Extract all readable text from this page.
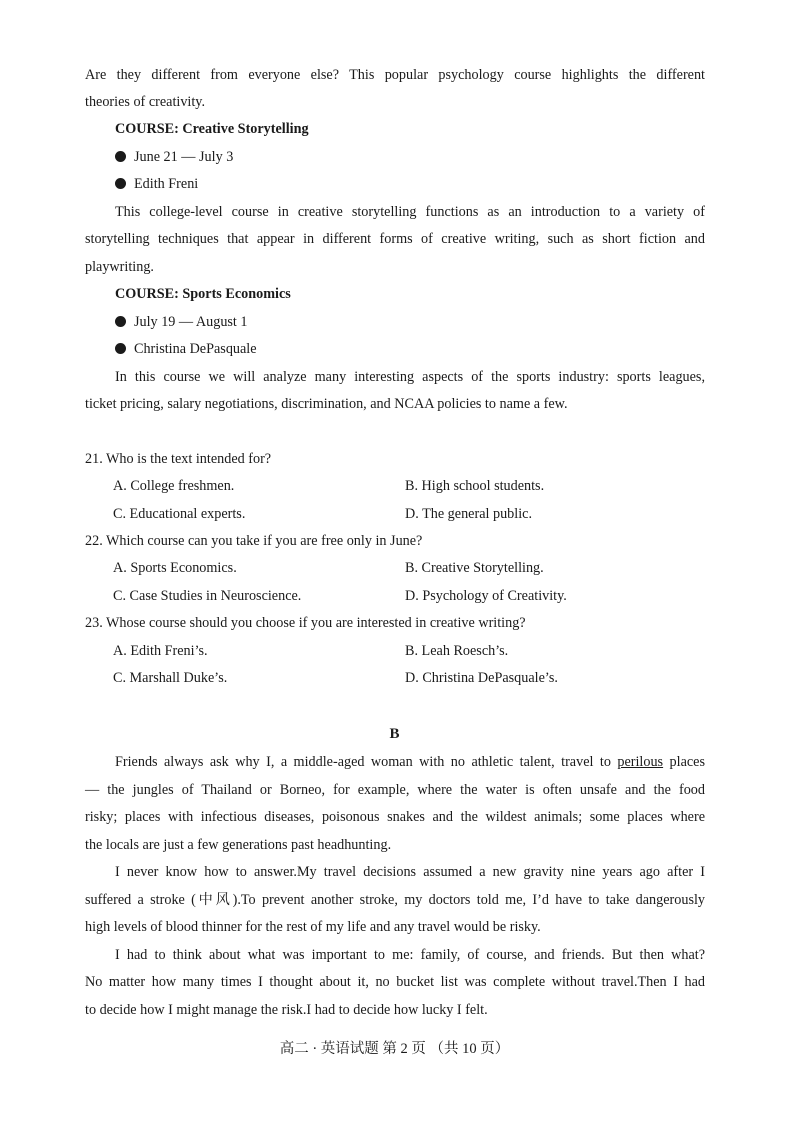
Are they different from everyone else? This popular psychology course highlights the different
theories of creativity.
COURSE: Creative Storytelling
June 21 — July 3
Edith Freni
This college-level course in creative storytelling functions as an introduction to a variety of
storytelling techniques that appear in different forms of creative writing, such as short fiction and
playwriting.
COURSE: Sports Economics
July 19 — August 1
Christina DePasquale
In this course we will analyze many interesting aspects of the sports industry: sports leagues,
ticket pricing, salary negotiations, discrimination, and NCAA policies to name a few.
21. Who is the text intended for?
A. College freshmen.	B. High school students.
C. Educational experts.	D. The general public.
22. Which course can you take if you are free only in June?
A. Sports Economics.	B. Creative Storytelling.
C. Case Studies in Neuroscience.	D. Psychology of Creativity.
23. Whose course should you choose if you are interested in creative writing?
A. Edith Freni’s.	B. Leah Roesch’s.
C. Marshall Duke’s.	D. Christina DePasquale’s.
B
Friends always ask why I, a middle-aged woman with no athletic talent, travel to perilous places
— the jungles of Thailand or Borneo, for example, where the water is often unsafe and the food
risky; places with infectious diseases, poisonous snakes and the wildest animals; some places where
the locals are just a few generations past headhunting.
I never know how to answer.My travel decisions assumed a new gravity nine years ago after I
suffered a stroke (中风).To prevent another stroke, my doctors told me, I’d have to take dangerously
high levels of blood thinner for the rest of my life and any travel would be risky.
I had to think about what was important to me: family, of course, and friends. But then what?
No matter how many times I thought about it, no bucket list was complete without travel.Then I had
to decide how I might manage the risk.I had to decide how lucky I felt.
高二 · 英语试题 第 2 页 （共 10 页）
